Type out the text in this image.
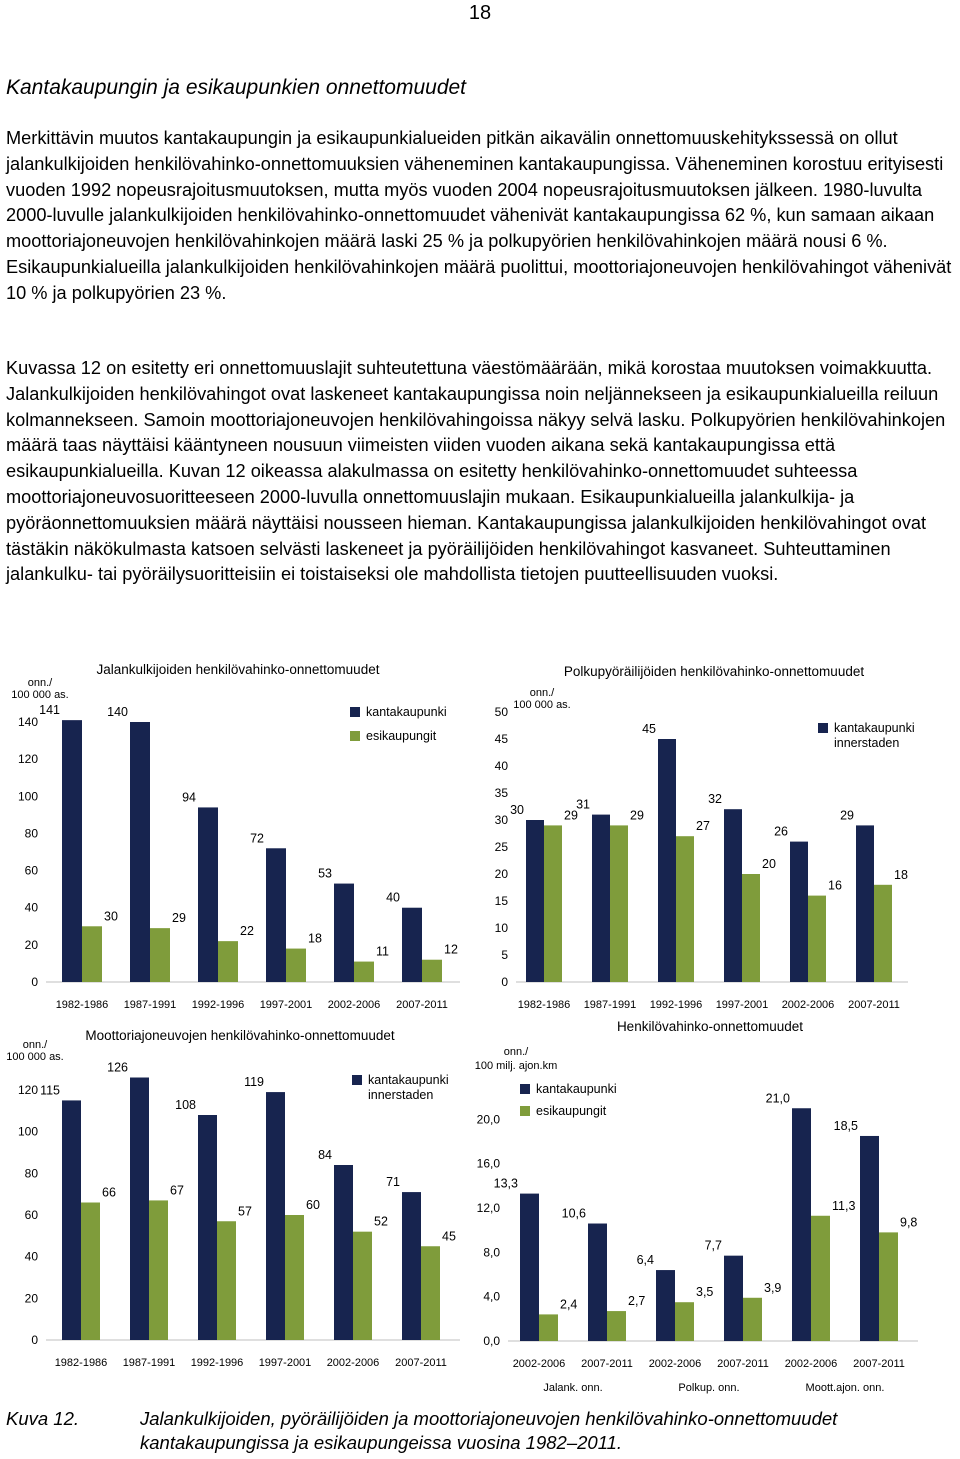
18
Kantakaupungin ja esikaupunkien onnettomuudet

Merkittävin muutos kantakaupungin ja esikaupunkialueiden pitkän aikavälin onnettomuuskehitykssessä on ollut jalankulkijoiden henkilövahinko-onnettomuuksien väheneminen kantakaupungissa. Väheneminen korostuu erityisesti vuoden 1992 nopeusrajoitusmuutoksen, mutta myös vuoden 2004 nopeusrajoitusmuutoksen jälkeen. 1980-luvulta 2000-luvulle jalankulkijoiden henkilövahinko-onnettomuudet vähenivät kantakaupungissa 62 %, kun samaan aikaan moottoriajoneuvojen henkilövahinkojen määrä laski 25 % ja polkupyörien henkilövahinkojen määrä nousi 6 %. Esikaupunkialueilla jalankulkijoiden henkilövahinkojen määrä puolittui, moottoriajoneuvojen henkilövahingot vähenivät 10 % ja polkupyörien 23 %.

Kuvassa 12 on esitetty eri onnettomuuslajit suhteutettuna väestömäärään, mikä korostaa muutoksen voimakkuutta. Jalankulkijoiden henkilövahingot ovat laskeneet kantakaupungissa noin neljännekseen ja esikaupunkialueilla reiluun kolmannekseen. Samoin moottoriajoneuvojen henkilövahingoissa näkyy selvä lasku. Polkupyörien henkilövahinkojen määrä taas näyttäisi kääntyneen nousuun viimeisten viiden vuoden aikana sekä kantakaupungissa että esikaupunkialueilla. Kuvan 12 oikeassa alakulmassa on esitetty henkilövahinko-onnettomuudet suhteessa moottoriajoneuvosuoritteeseen 2000-luvulla onnettomuuslajin mukaan. Esikaupunkialueilla jalankulkija- ja pyöräonnettomuuksien määrä näyttäisi nousseen hieman. Kantakaupungissa jalankulkijoiden henkilövahingot ovat tästäkin näkökulmasta katsoen selvästi laskeneet ja pyöräilijöiden henkilövahingot kasvaneet. Suhteuttaminen jalankulku- tai pyöräilysuoritteisiin ei toistaiseksi ole mahdollista tietojen puutteellisuuden vuoksi.

Jalankulkijoiden henkilövahinko-onnettomuudet
onn./
100 000 as.
0
20
40
60
80
100
120
140
141
30
1982-1986
140
29
1987-1991
94
22
1992-1996
72
18
1997-2001
53
11
2002-2006
40
12
2007-2011
kantakaupunki
esikaupungit
Polkupyöräilijöiden henkilövahinko-onnettomuudet
onn./
100 000 as.
0
5
10
15
20
25
30
35
40
45
50
30	29
1982-1986
31
29
1987-1991
45
27
1992-1996
32
20
1997-2001
26
16
2002-2006
29
18
2007-2011
kantakaupunki
innerstaden
Moottoriajoneuvojen henkilövahinko-onnettomuudet
onn./
100 000 as.
0
20
40
60
80
100
120 115
66
1982-1986
126
67
1987-1991
108
57
1992-1996
119
60
1997-2001
84
52
2002-2006
71
45
2007-2011
kantakaupunki
innerstaden
Henkilövahinko-onnettomuudet
onn./
100 milj. ajon.km
0,0
4,0
8,0
12,0
16,0
20,0
13,3
2,4
2002-2006
10,6
2,7
2007-2011
6,4
3,5
2002-2006
7,7
3,9
2007-2011
21,0
11,3
2002-2006
18,5
9,8
2007-2011
Jalank. onn.	Polkup. onn.	Moott.ajon. onn.
kantakaupunki
esikaupungit
Kuva 12.	Jalankulkijoiden, pyöräilijöiden ja moottoriajoneuvojen henkilövahinko-onnettomuudet kantakaupungissa ja esikaupungeissa vuosina 1982–2011.
